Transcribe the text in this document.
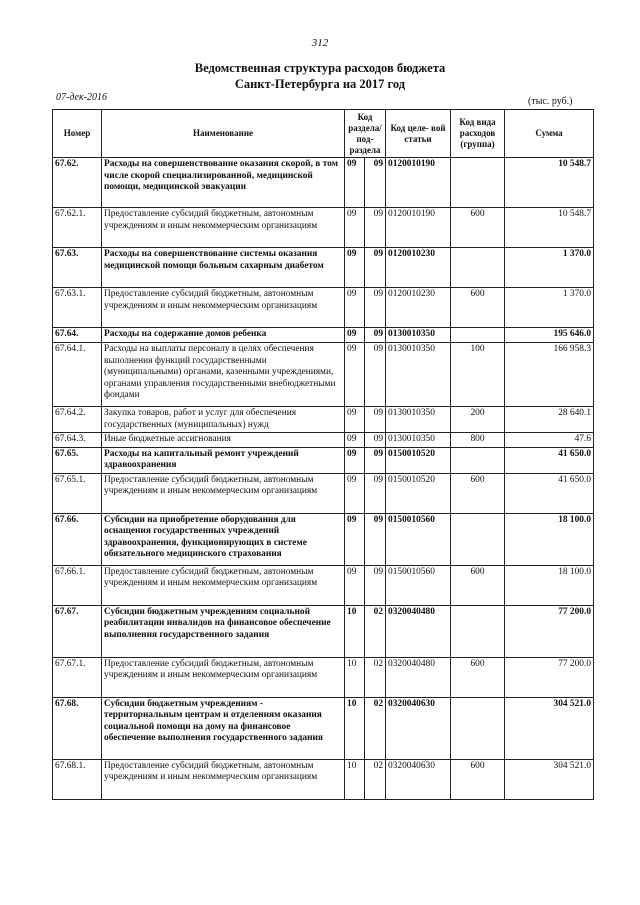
312
Ведомственная структура расходов бюджета
Санкт-Петербурга на 2017 год
07-дек-2016	(тыс. руб.)
Номер	Наименование	Код раздела/ под- раздела		Код целе- вой статьи	Код вида расходов (группа)	Сумма
67.62.	Расходы на совершенствование оказания скорой, в том числе скорой специализированной, медицинской помощи, медицинской эвакуации	09	09	0120010190		10 548.7
67.62.1.	Предоставление субсидий бюджетным, автономным учреждениям и иным некоммерческим организациям	09	09	0120010190	600	10 548.7
67.63.	Расходы на совершенствование системы оказания медицинской помощи больным сахарным диабетом	09	09	0120010230		1 370.0
67.63.1.	Предоставление субсидий бюджетным, автономным учреждениям и иным некоммерческим организациям	09	09	0120010230	600	1 370.0
67.64.	Расходы на содержание домов ребенка	09	09	0130010350		195 646.0
67.64.1.	Расходы на выплаты персоналу в целях обеспечения выполнения функций государственными (муниципальными) органами, казенными учреждениями, органами управления государственными внебюджетными фондами	09	09	0130010350	100	166 958.3
67.64.2.	Закупка товаров, работ и услуг для обеспечения государственных (муниципальных) нужд	09	09	0130010350	200	28 640.1
67.64.3.	Иные бюджетные ассигнования	09	09	0130010350	800	47.6
67.65.	Расходы на капитальный ремонт учреждений здравоохранения	09	09	0150010520		41 650.0
67.65.1.	Предоставление субсидий бюджетным, автономным учреждениям и иным некоммерческим организациям	09	09	0150010520	600	41 650.0
67.66.	Субсидии на приобретение оборудования для оснащения государственных учреждений здравоохранения, функционирующих в системе обязательного медицинского страхования	09	09	0150010560		18 100.0
67.66.1.	Предоставление субсидий бюджетным, автономным учреждениям и иным некоммерческим организациям	09	09	0150010560	600	18 100.0
67.67.	Субсидии бюджетным учреждениям социальной реабилитации инвалидов на финансовое обеспечение выполнения государственного задания	10	02	0320040480		77 200.0
67.67.1.	Предоставление субсидий бюджетным, автономным учреждениям и иным некоммерческим организациям	10	02	0320040480	600	77 200.0
67.68.	Субсидии бюджетным учреждениям - территориальным центрам и отделениям оказания социальной помощи на дому на финансовое обеспечение выполнения государственного задания	10	02	0320040630		304 521.0
67.68.1.	Предоставление субсидий бюджетным, автономным учреждениям и иным некоммерческим организациям	10	02	0320040630	600	304 521.0
